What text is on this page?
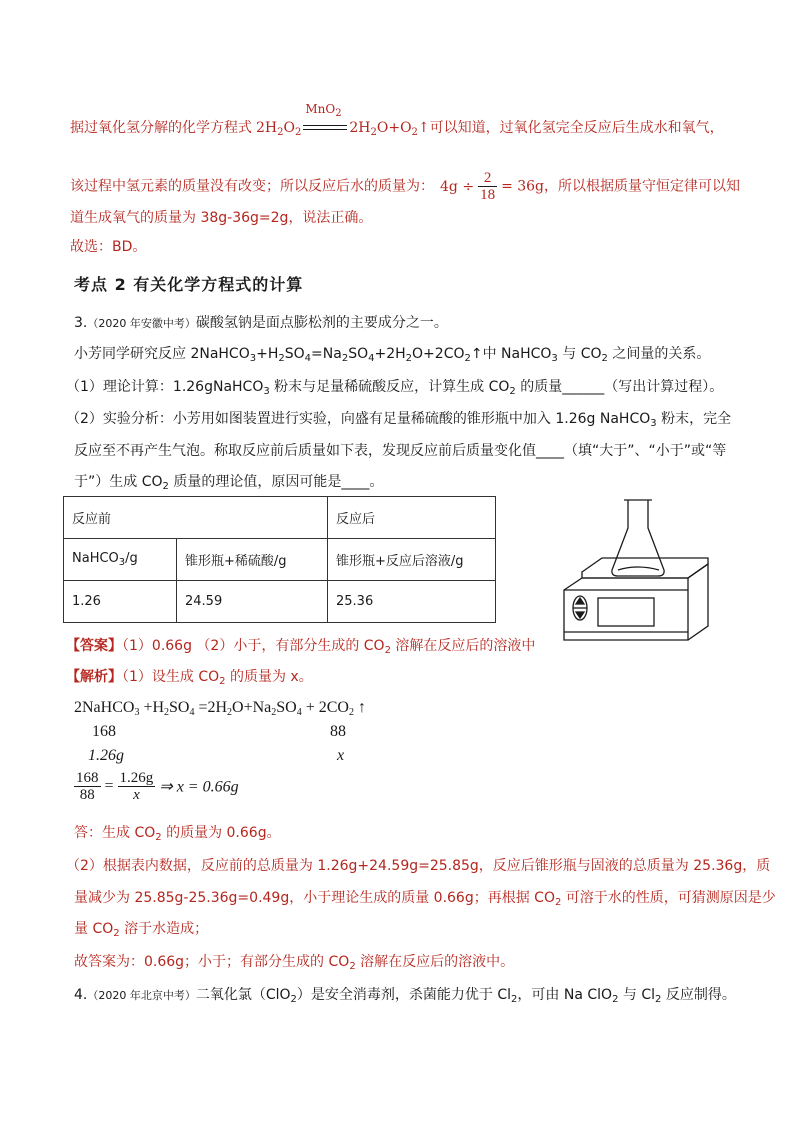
据过氧化氢分解的化学方程式 $2H_2O_2$
MnO$_2$
$2H_2O+O_2↑$可以知道，过氧化氢完全反应后生成水和氧气，
该过程中氢元素的质量没有改变；所以反应后水的质量为： $4g \div \frac{2}{18} = 36g$，所以根据质量守恒定律可以知
道生成氧气的质量为 38g-36g=2g，说法正确。
故选：BD。
考点 2 有关化学方程式的计算
3.（2020 年安徽中考）碳酸氢钠是面点膨松剂的主要成分之一。
小芳同学研究反应 $2NaHCO_3+H_2SO_4=Na_2SO_4+2H_2O+2CO_2↑$中 NaHCO$_3$ 与 $CO_2$ 之间量的关系。
（1）理论计算：1.26gNaHCO$_3$ 粉末与足量稀硫酸反应，计算生成 $CO_2$ 的质量______（写出计算过程）。
（2）实验分析：小芳用如图装置进行实验，向盛有足量稀硫酸的锥形瓶中加入 1.26g NaHCO$_3$ 粉末，完全
反应至不再产生气泡。称取反应前后质量如下表，发现反应前后质量变化值____（填“大于”、“小于”或“等
于”）生成 $CO_2$ 质量的理论值，原因可能是____。
反应前		反应后
NaHCO$_3$/g	锥形瓶+稀硫酸/g	锥形瓶+反应后溶液/g
1.26	24.59	25.36
【答案】（1）0.66g （2）小于，有部分生成的 $CO_2$ 溶解在反应后的溶液中
【解析】（1）设生成 $CO_2$ 的质量为 x。
2NaHCO$_3$ $+H_2SO_4 =2H_2O+Na_2SO_4 + 2CO_2$ ↑
168	88
1.26g	x
$\frac{168}{88} = \frac{1.26g}{x}$ ⇒ x = 0.66g
答：生成 $CO_2$ 的质量为 0.66g。
（2）根据表内数据，反应前的总质量为 1.26g+24.59g=25.85g，反应后锥形瓶与固液的总质量为 25.36g，质
量减少为 25.85g-25.36g=0.49g，小于理论生成的质量 0.66g；再根据 $CO_2$ 可溶于水的性质，可猜测原因是少
量 $CO_2$ 溶于水造成；
故答案为：0.66g；小于；有部分生成的 $CO_2$ 溶解在反应后的溶液中。
4.（2020 年北京中考）二氧化氯（ClO$_2$）是安全消毒剂，杀菌能力优于 $Cl_2$，可由 Na ClO$_2$ 与 $Cl_2$ 反应制得。
